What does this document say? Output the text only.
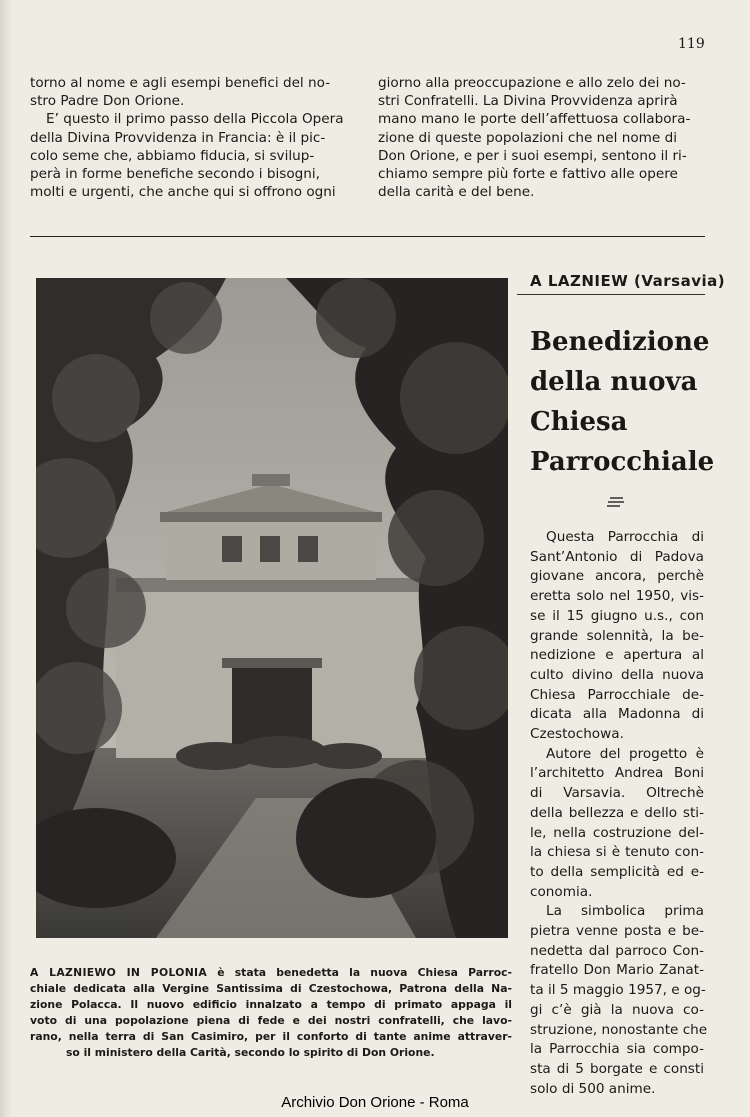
119

torno al nome e agli esempi benefici del no-
stro Padre Don Orione.
E’ questo il primo passo della Piccola Opera
della Divina Provvidenza in Francia: è il pic-
colo seme che, abbiamo fiducia, si svilup-
perà in forme benefiche secondo i bisogni,
molti e urgenti, che anche qui si offrono ogni

giorno alla preoccupazione e allo zelo dei no-
stri Confratelli. La Divina Provvidenza aprirà
mano mano le porte dell’affettuosa collabora-
zione di queste popolazioni che nel nome di
Don Orione, e per i suoi esempi, sentono il ri-
chiamo sempre più forte e fattivo alle opere
della carità e del bene.

A LAZNIEW (Varsavia)
Benedizione
della nuova
Chiesa
Parrocchiale

Questa Parrocchia di
Sant’Antonio di Padova
giovane ancora, perchè
eretta solo nel 1950, vis-
se il 15 giugno u.s., con
grande solennità, la be-
nedizione e apertura al
culto divino della nuova
Chiesa Parrocchiale de-
dicata alla Madonna di
Czestochowa.
Autore del progetto è
l’architetto Andrea Boni
di Varsavia. Oltrechè
della bellezza e dello sti-
le, nella costruzione del-
la chiesa si è tenuto con-
to della semplicità ed e-
conomia.
La simbolica prima
pietra venne posta e be-
nedetta dal parroco Con-
fratello Don Mario Zanat-
ta il 5 maggio 1957, e og-
gi c’è già la nuova co-
struzione, nonostante che
la Parrocchia sia compo-
sta di 5 borgate e consti
solo di 500 anime.

A LAZNIEWO IN POLONIA è stata benedetta la nuova Chiesa Parroc-
chiale dedicata alla Vergine Santissima di Czestochowa, Patrona della Na-
zione Polacca. Il nuovo edificio innalzato a tempo di primato appaga il
voto di una popolazione piena di fede e dei nostri confratelli, che lavo-
rano, nella terra di San Casimiro, per il conforto di tante anime attraver-
so il ministero della Carità, secondo lo spirito di Don Orione.

Archivio Don Orione - Roma
